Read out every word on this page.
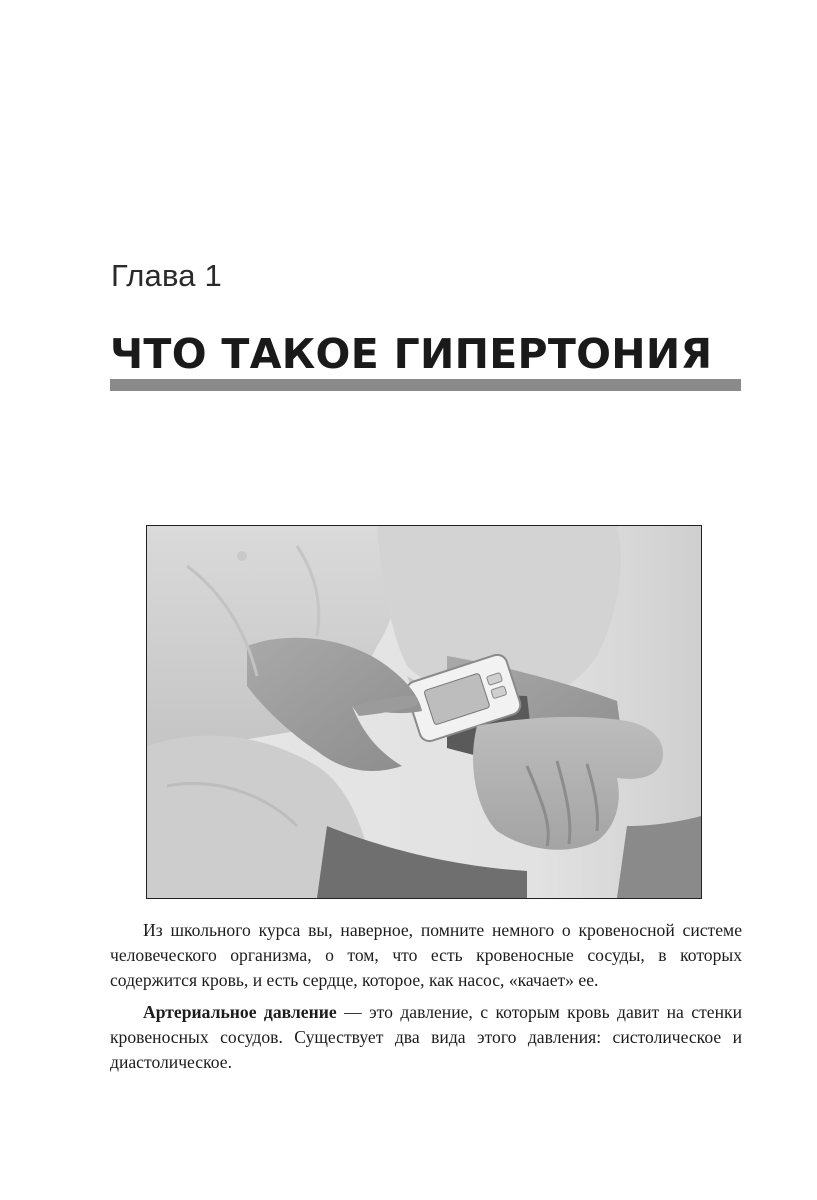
Глава 1
ЧТО ТАКОЕ ГИПЕРТОНИЯ

Из школьного курса вы, наверное, помните немного о кровеносной системе человеческого организма, о том, что есть кровеносные сосуды, в которых содержится кровь, и есть сердце, которое, как насос, «качает» ее.

Артериальное давление — это давление, с которым кровь давит на стенки кровеносных сосудов. Существует два вида этого давления: систолическое и диастолическое.
